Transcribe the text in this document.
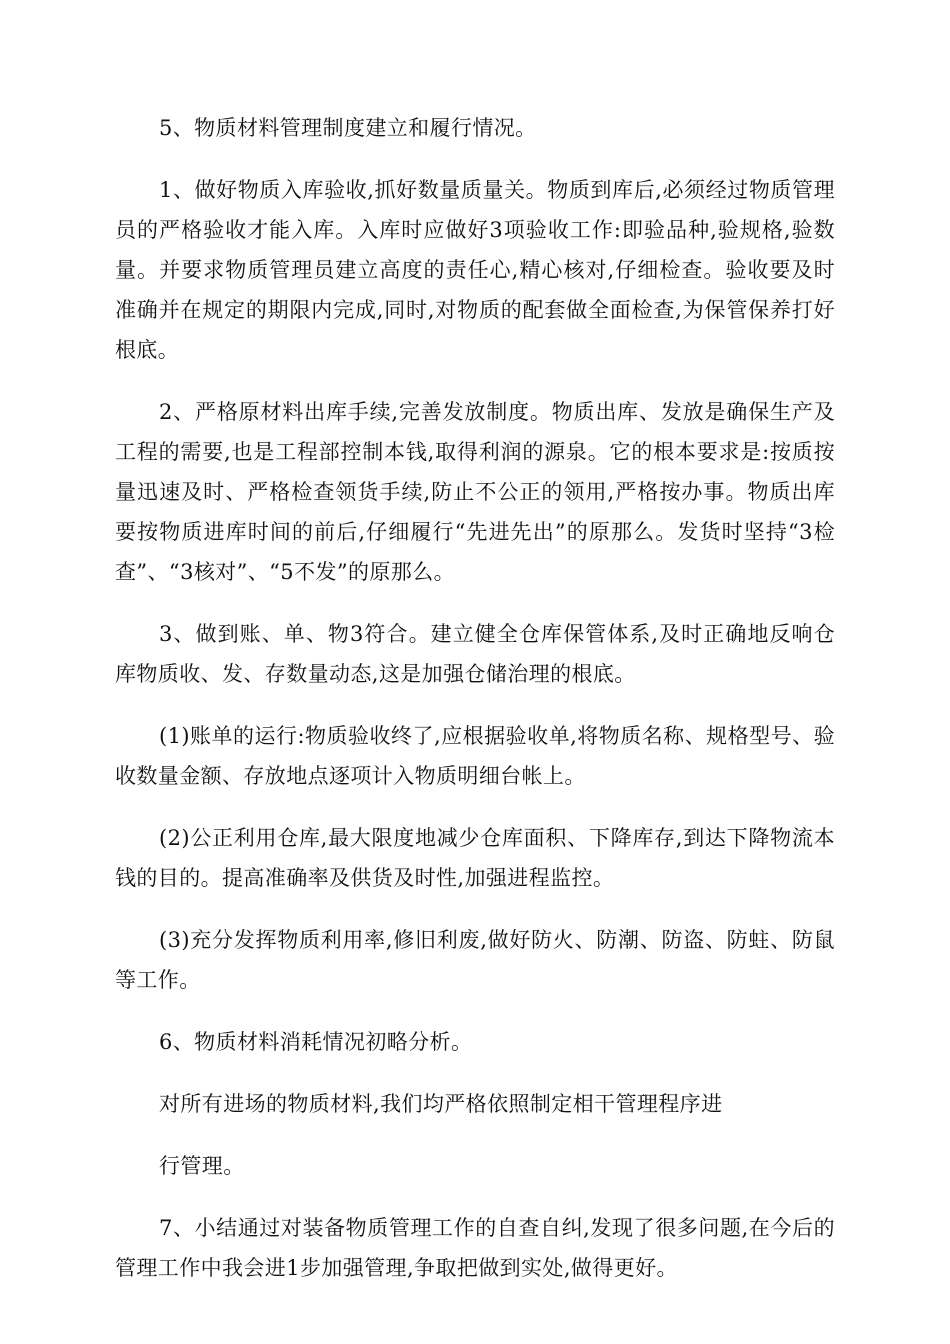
5、物质材料管理制度建立和履行情况。

1、做好物质入库验收,抓好数量质量关。物质到库后,必须经过物质管理员的严格验收才能入库。入库时应做好3项验收工作:即验品种,验规格,验数量。并要求物质管理员建立高度的责任心,精心核对,仔细检查。验收要及时准确并在规定的期限内完成,同时,对物质的配套做全面检查,为保管保养打好根底。

2、严格原材料出库手续,完善发放制度。物质出库、发放是确保生产及工程的需要,也是工程部控制本钱,取得利润的源泉。它的根本要求是:按质按量迅速及时、严格检查领货手续,防止不公正的领用,严格按办事。物质出库要按物质进库时间的前后,仔细履行“先进先出”的原那么。发货时坚持“3检查”、“3核对”、“5不发”的原那么。

3、做到账、单、物3符合。建立健全仓库保管体系,及时正确地反响仓库物质收、发、存数量动态,这是加强仓储治理的根底。

(1)账单的运行:物质验收终了,应根据验收单,将物质名称、规格型号、验收数量金额、存放地点逐项计入物质明细台帐上。

(2)公正利用仓库,最大限度地减少仓库面积、下降库存,到达下降物流本钱的目的。提高准确率及供货及时性,加强进程监控。

(3)充分发挥物质利用率,修旧利废,做好防火、防潮、防盗、防蛀、防鼠等工作。

6、物质材料消耗情况初略分析。

对所有进场的物质材料,我们均严格依照制定相干管理程序进

行管理。

7、小结通过对装备物质管理工作的自查自纠,发现了很多问题,在今后的管理工作中我会进1步加强管理,争取把做到实处,做得更好。
